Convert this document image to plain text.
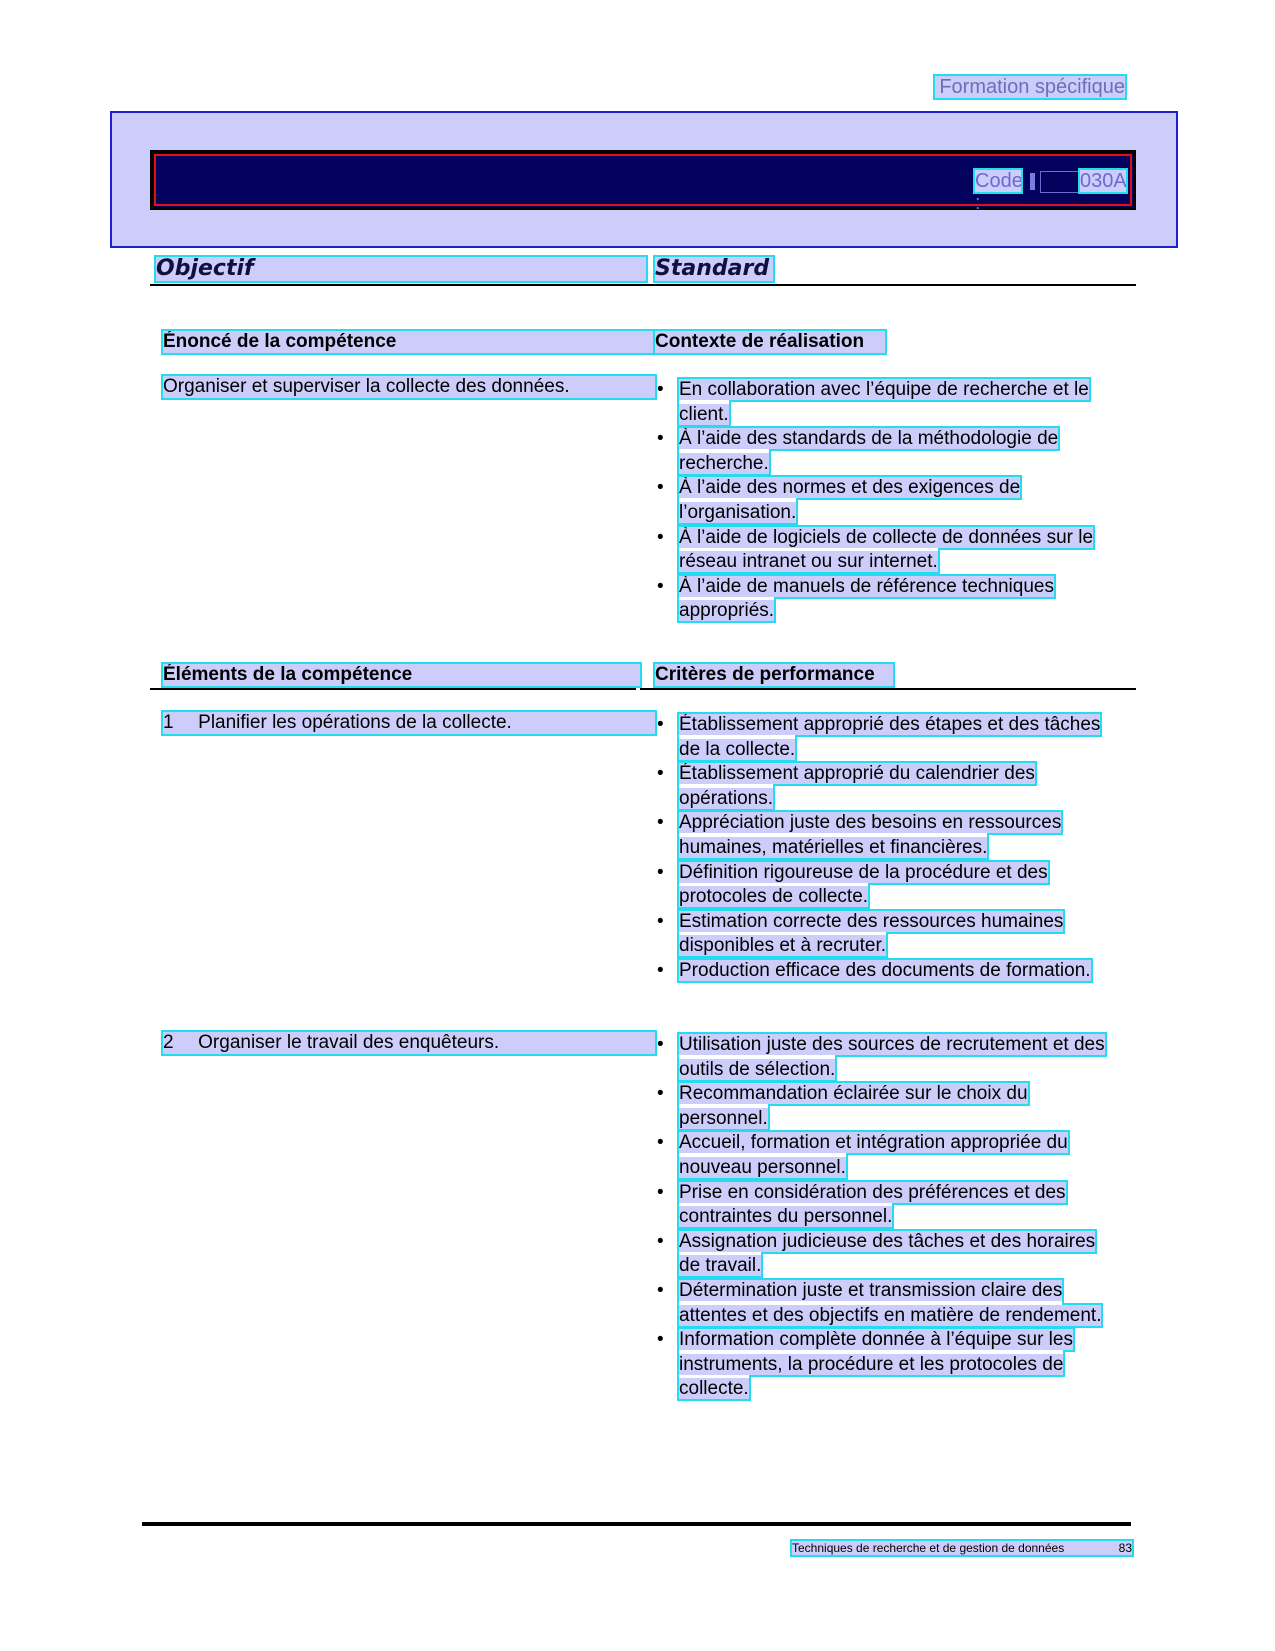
Formation spécifique
Code :
030A
Objectif	Standard
Énoncé de la compétence	Contexte de réalisation
Organiser et superviser la collecte des données.	• En collaboration avec l’équipe de recherche et le client.
• À l’aide des standards de la méthodologie de recherche.
• À l’aide des normes et des exigences de l’organisation.
• À l’aide de logiciels de collecte de données sur le réseau intranet ou sur internet.
• À l’aide de manuels de référence techniques appropriés.
Éléments de la compétence	Critères de performance
1 Planifier les opérations de la collecte.	• Établissement approprié des étapes et des tâches de la collecte.
• Établissement approprié du calendrier des opérations.
• Appréciation juste des besoins en ressources humaines, matérielles et financières.
• Définition rigoureuse de la procédure et des protocoles de collecte.
• Estimation correcte des ressources humaines disponibles et à recruter.
• Production efficace des documents de formation.
2 Organiser le travail des enquêteurs.	• Utilisation juste des sources de recrutement et des outils de sélection.
• Recommandation éclairée sur le choix du personnel.
• Accueil, formation et intégration appropriée du nouveau personnel.
• Prise en considération des préférences et des contraintes du personnel.
• Assignation judicieuse des tâches et des horaires de travail.
• Détermination juste et transmission claire des attentes et des objectifs en matière de rendement.
• Information complète donnée à l’équipe sur les instruments, la procédure et les protocoles de collecte.
Techniques de recherche et de gestion de données	83
